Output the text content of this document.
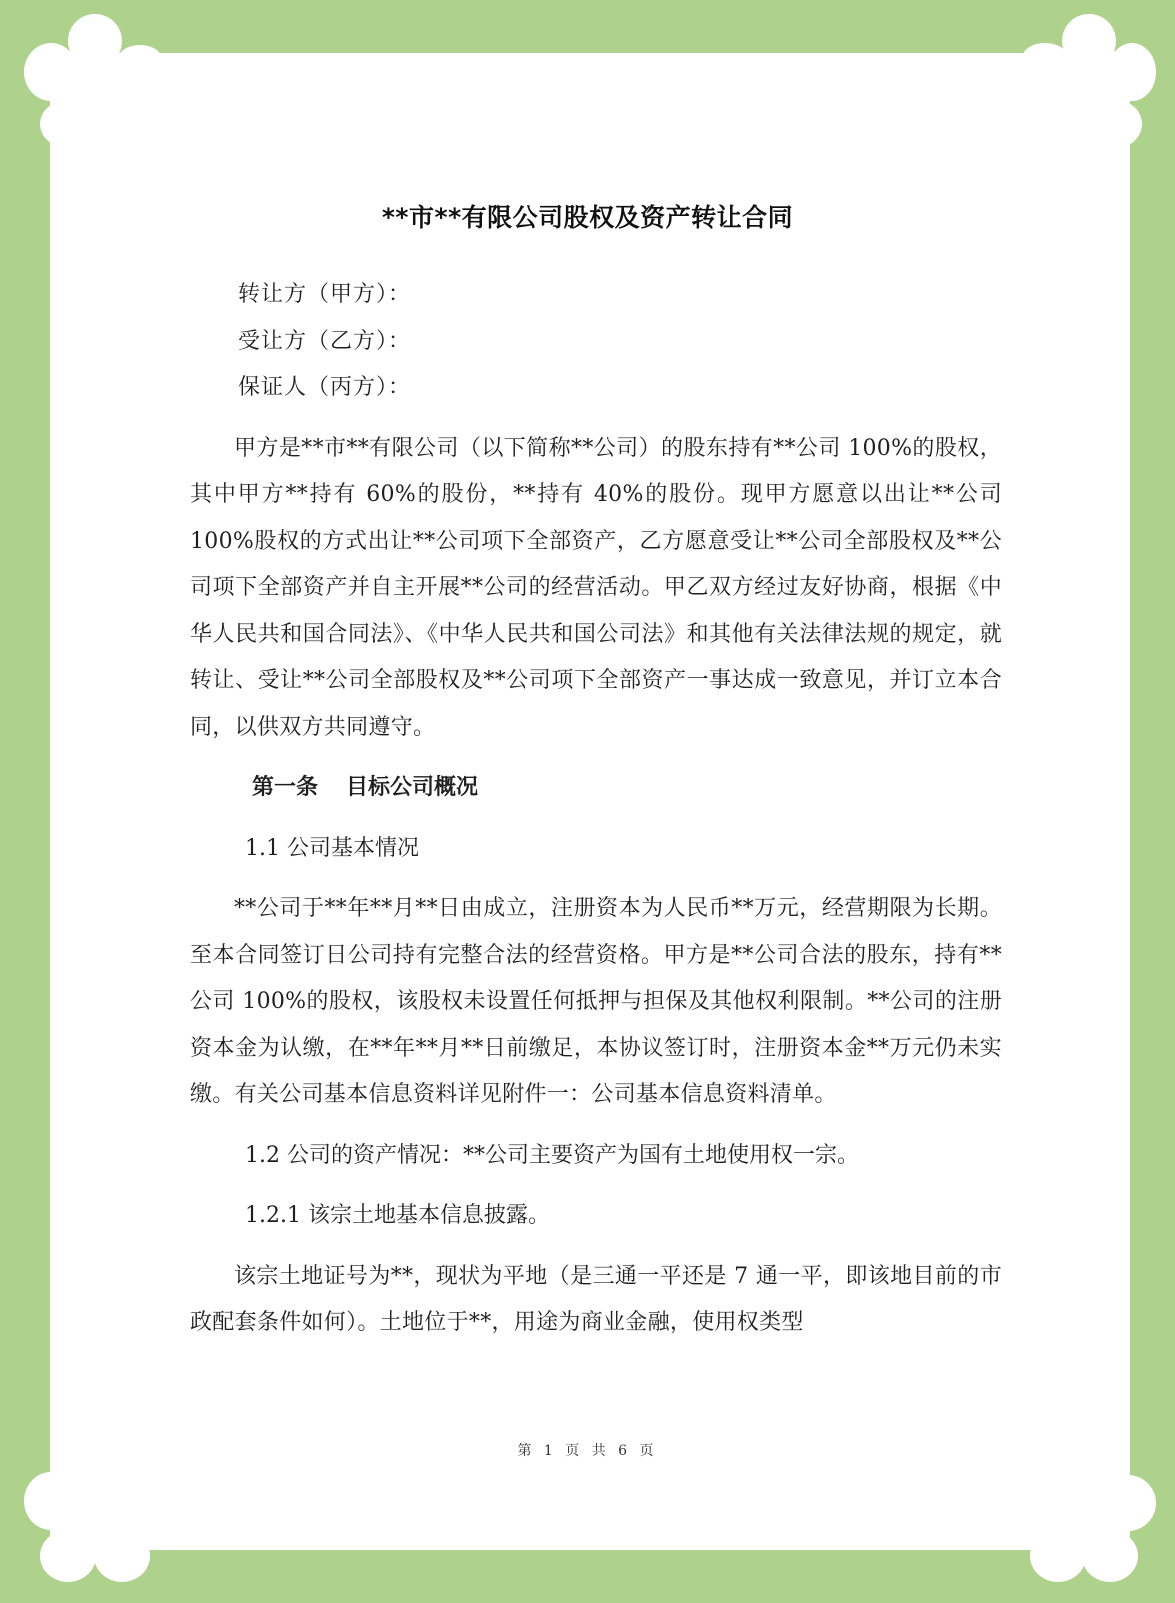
**市**有限公司股权及资产转让合同
转让方（甲方）：
受让方（乙方）：
保证人（丙方）：
甲方是**市**有限公司（以下简称**公司）的股东持有**公司 100%的股权，其中甲方**持有 60%的股份，**持有 40%的股份。现甲方愿意以出让**公司 100%股权的方式出让**公司项下全部资产，乙方愿意受让**公司全部股权及**公司项下全部资产并自主开展**公司的经营活动。甲乙双方经过友好协商，根据《中华人民共和国合同法》、《中华人民共和国公司法》和其他有关法律法规的规定，就转让、受让**公司全部股权及**公司项下全部资产一事达成一致意见，并订立本合同，以供双方共同遵守。
第一条 目标公司概况
1.1 公司基本情况
**公司于**年**月**日由成立，注册资本为人民币**万元，经营期限为长期。至本合同签订日公司持有完整合法的经营资格。甲方是**公司合法的股东，持有**公司 100%的股权，该股权未设置任何抵押与担保及其他权利限制。**公司的注册资本金为认缴，在**年**月**日前缴足，本协议签订时，注册资本金**万元仍未实缴。有关公司基本信息资料详见附件一：公司基本信息资料清单。
1.2 公司的资产情况：**公司主要资产为国有土地使用权一宗。
1.2.1 该宗土地基本信息披露。
该宗土地证号为**，现状为平地（是三通一平还是 7 通一平，即该地目前的市政配套条件如何）。土地位于**，用途为商业金融，使用权类型
第 1 页 共 6 页
